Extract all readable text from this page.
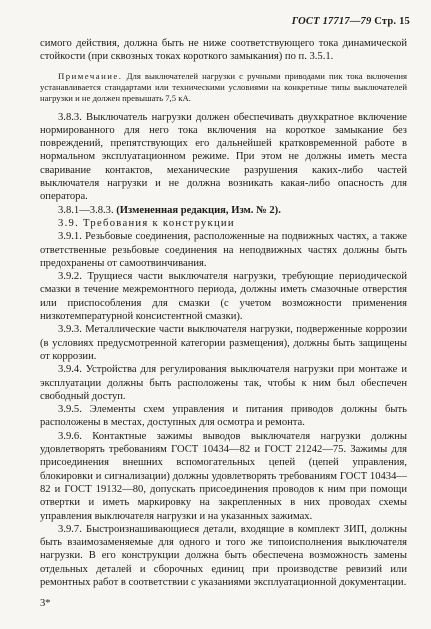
ГОСТ 17717—79 Стр. 15

симого действия, должна быть не ниже соответствующего тока динамической стойкости (при сквозных токах короткого замыкания) по п. 3.5.1.

Примечание. Для выключателей нагрузки с ручными приводами пик тока включения устанавливается стандартами или техническими условиями на конкретные типы выключателей нагрузки и не должен превышать 7,5 кА.

3.8.3. Выключатель нагрузки должен обеспечивать двухкратное включение нормированного для него тока включения на короткое замыкание без повреждений, препятствующих его дальнейшей кратковременной работе в нормальном эксплуатационном режиме. При этом не должны иметь места сваривание контактов, механические разрушения каких-либо частей выключателя нагрузки и не должна возникать какая-либо опасность для оператора.

3.8.1—3.8.3. (Измененная редакция, Изм. № 2).

3.9. Требования к конструкции

3.9.1. Резьбовые соединения, расположенные на подвижных частях, а также ответственные резьбовые соединения на неподвижных частях должны быть предохранены от самоотвинчивания.

3.9.2. Трущиеся части выключателя нагрузки, требующие периодической смазки в течение межремонтного периода, должны иметь смазочные отверстия или приспособления для смазки (с учетом возможности применения низкотемпературной консистентной смазки).

3.9.3. Металлические части выключателя нагрузки, подверженные коррозии (в условиях предусмотренной категории размещения), должны быть защищены от коррозии.

3.9.4. Устройства для регулирования выключателя нагрузки при монтаже и эксплуатации должны быть расположены так, чтобы к ним был обеспечен свободный доступ.

3.9.5. Элементы схем управления и питания приводов должны быть расположены в местах, доступных для осмотра и ремонта.

3.9.6. Контактные зажимы выводов выключателя нагрузки должны удовлетворять требованиям ГОСТ 10434—82 и ГОСТ 21242—75. Зажимы для присоединения внешних вспомогательных цепей (цепей управления, блокировки и сигнализации) должны удовлетворять требованиям ГОСТ 10434—82 и ГОСТ 19132—80, допускать присоединения проводов к ним при помощи отвертки и иметь маркировку на закрепленных в них проводах схемы управления выключателя нагрузки и на указанных зажимах.

3.9.7. Быстроизнашивающиеся детали, входящие в комплект ЗИП, должны быть взаимозаменяемые для одного и того же типоисполнения выключателя нагрузки. В его конструкции должна быть обеспечена возможность замены отдельных деталей и сборочных единиц при производстве ревизий или ремонтных работ в соответствии с указаниями эксплуатационной документации.

3*
